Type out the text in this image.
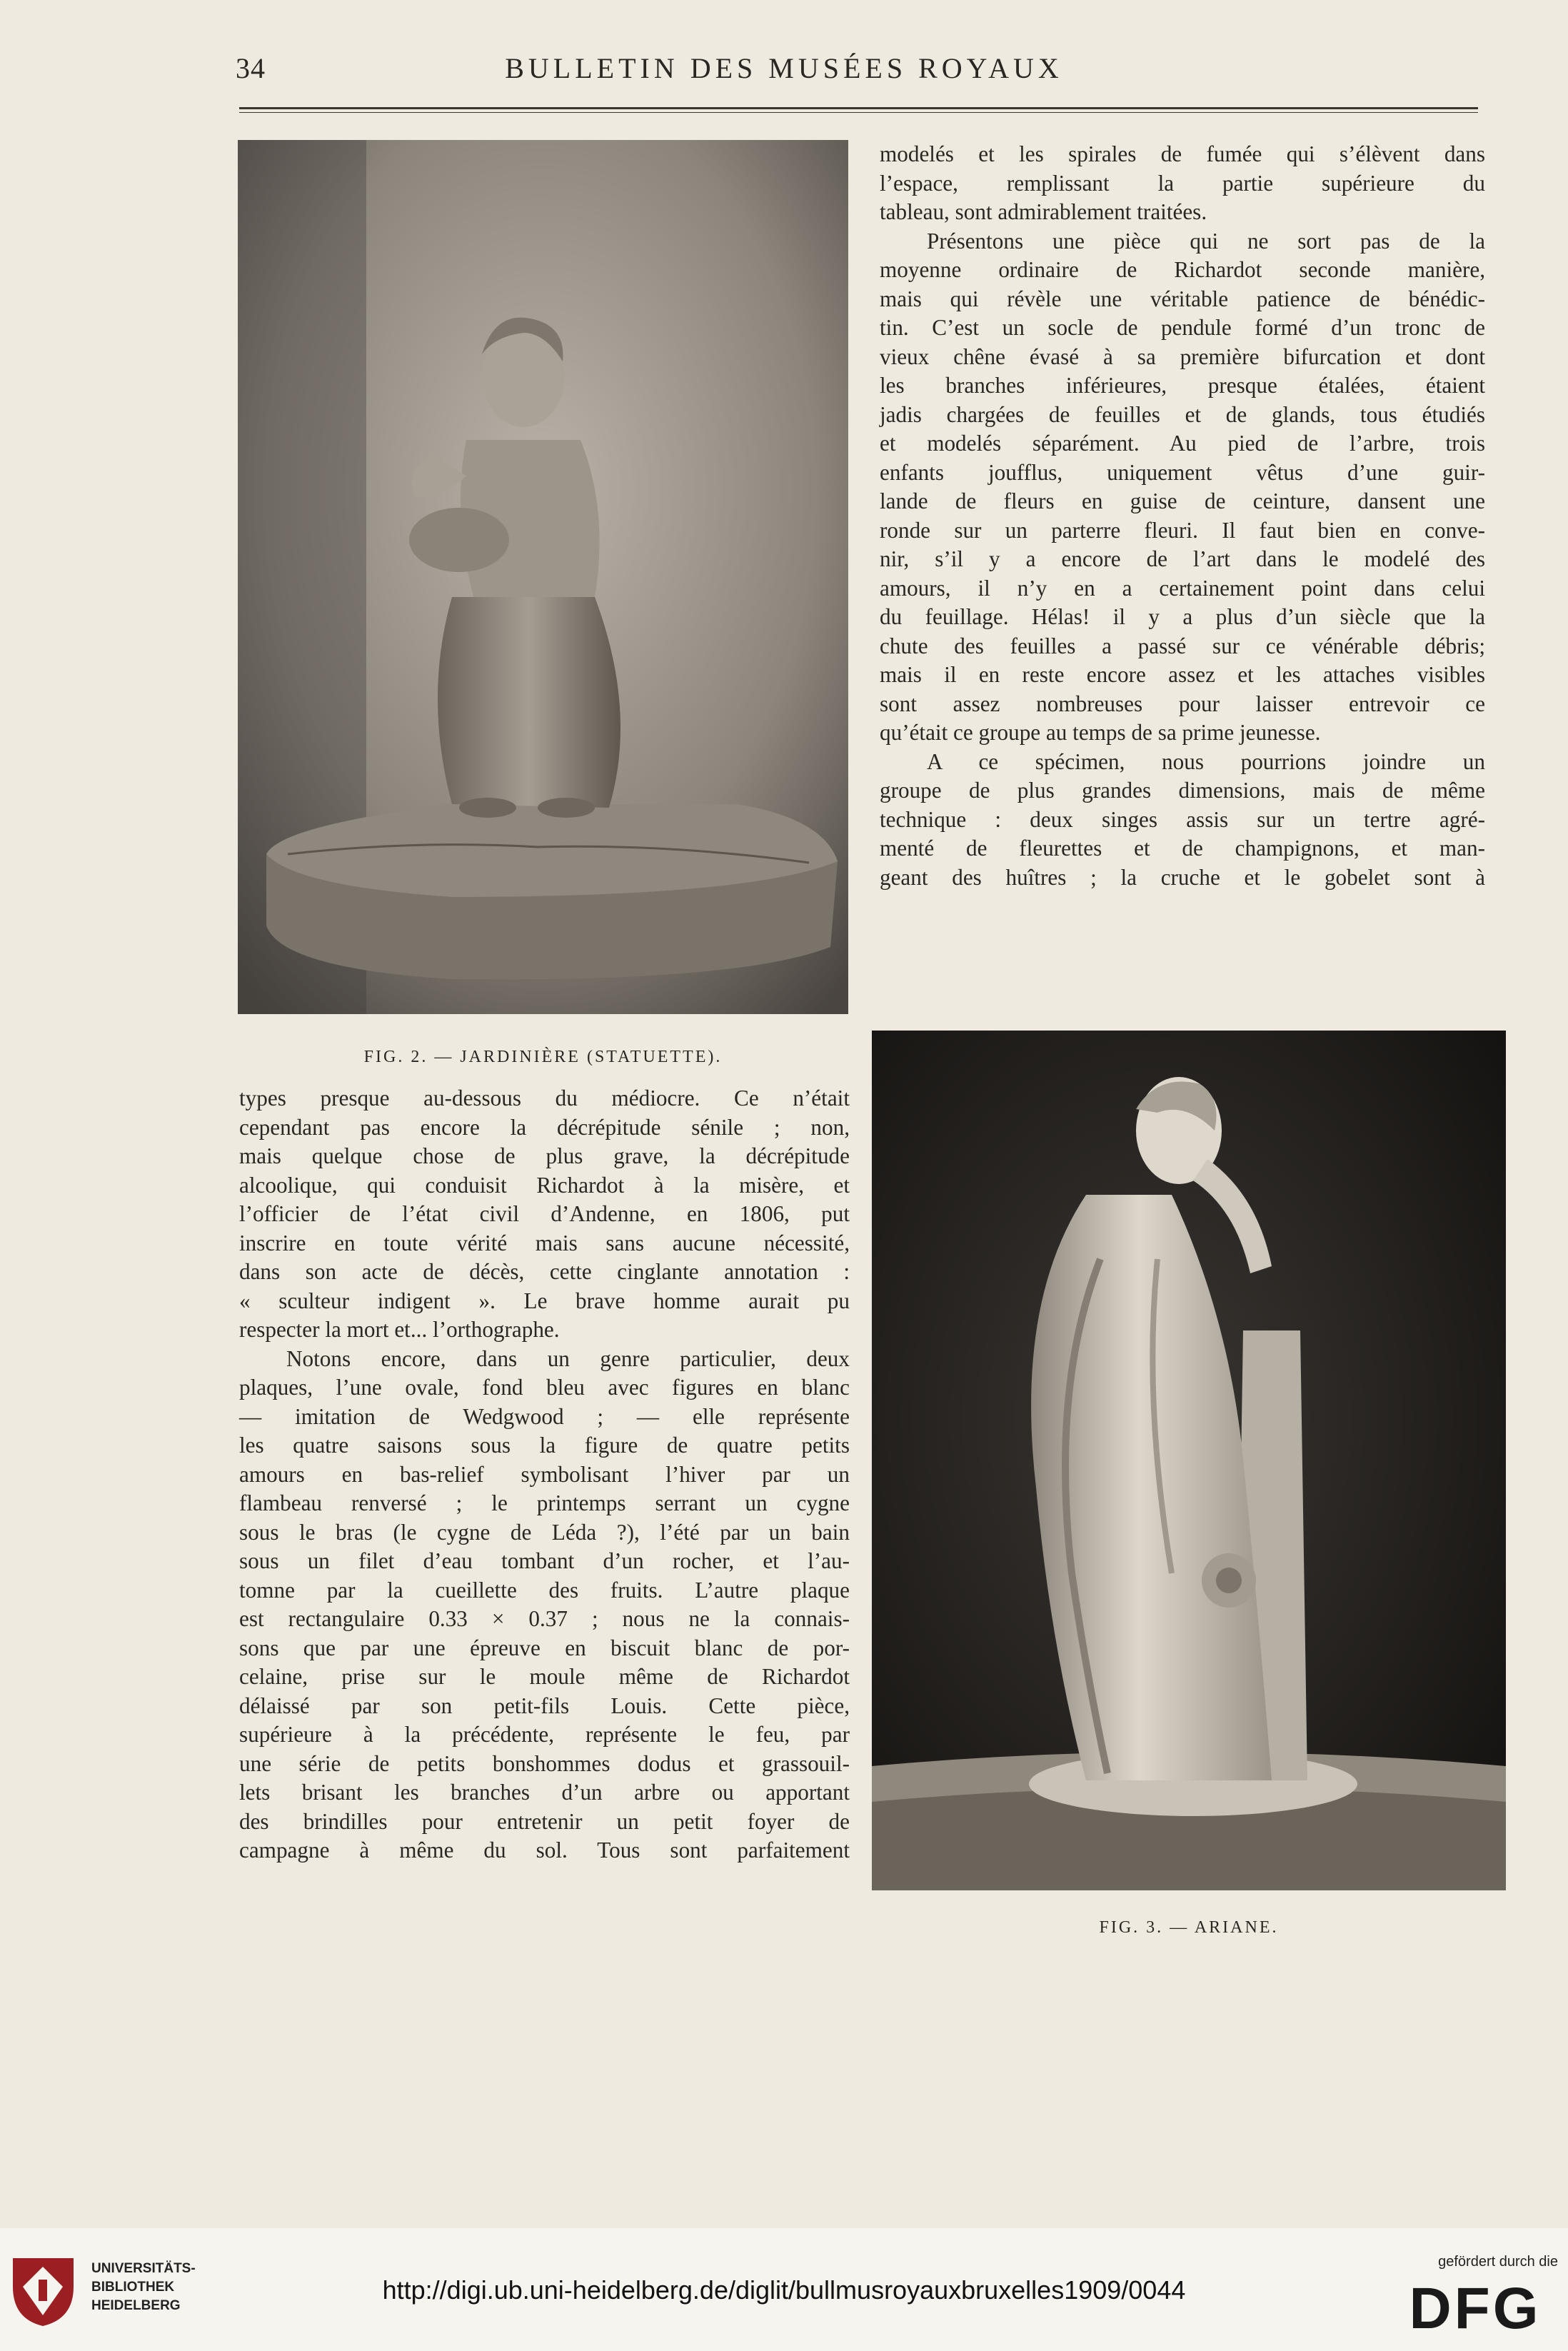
34	BULLETIN DES MUSÉES ROYAUX
FIG. 2. — JARDINIÈRE (STATUETTE).
FIG. 3. — ARIANE.
modelés et les spirales de fumée qui s’élèvent dans
l’espace, remplissant la partie supérieure du
tableau, sont admirablement traitées.
Présentons une pièce qui ne sort pas de la
moyenne ordinaire de Richardot seconde manière,
mais qui révèle une véritable patience de bénédic-
tin. C’est un socle de pendule formé d’un tronc de
vieux chêne évasé à sa première bifurcation et dont
les branches inférieures, presque étalées, étaient
jadis chargées de feuilles et de glands, tous étudiés
et modelés séparément. Au pied de l’arbre, trois
enfants joufflus, uniquement vêtus d’une guir-
lande de fleurs en guise de ceinture, dansent une
ronde sur un parterre fleuri. Il faut bien en conve-
nir, s’il y a encore de l’art dans le modelé des
amours, il n’y en a certainement point dans celui
du feuillage. Hélas! il y a plus d’un siècle que la
chute des feuilles a passé sur ce vénérable débris;
mais il en reste encore assez et les attaches visibles
sont assez nombreuses pour laisser entrevoir ce
qu’était ce groupe au temps de sa prime jeunesse.
A ce spécimen, nous pourrions joindre un
groupe de plus grandes dimensions, mais de même
technique : deux singes assis sur un tertre agré-
menté de fleurettes et de champignons, et man-
geant des huîtres ; la cruche et le gobelet sont à
types presque au-dessous du médiocre. Ce n’était
cependant pas encore la décrépitude sénile ; non,
mais quelque chose de plus grave, la décrépitude
alcoolique, qui conduisit Richardot à la misère, et
l’officier de l’état civil d’Andenne, en 1806, put
inscrire en toute vérité mais sans aucune nécessité,
dans son acte de décès, cette cinglante annotation :
« sculteur indigent ». Le brave homme aurait pu
respecter la mort et... l’orthographe.
Notons encore, dans un genre particulier, deux
plaques, l’une ovale, fond bleu avec figures en blanc
— imitation de Wedgwood ; — elle représente
les quatre saisons sous la figure de quatre petits
amours en bas-relief symbolisant l’hiver par un
flambeau renversé ; le printemps serrant un cygne
sous le bras (le cygne de Léda ?), l’été par un bain
sous un filet d’eau tombant d’un rocher, et l’au-
tomne par la cueillette des fruits. L’autre plaque
est rectangulaire 0.33 × 0.37 ; nous ne la connais-
sons que par une épreuve en biscuit blanc de por-
celaine, prise sur le moule même de Richardot
délaissé par son petit-fils Louis. Cette pièce,
supérieure à la précédente, représente le feu, par
une série de petits bonshommes dodus et grassouil-
lets brisant les branches d’un arbre ou apportant
des brindilles pour entretenir un petit foyer de
campagne à même du sol. Tous sont parfaitement
UNIVERSITÄTS-
BIBLIOTHEK
HEIDELBERG
http://digi.ub.uni-heidelberg.de/diglit/bullmusroyauxbruxelles1909/0044
gefördert durch die
DFG
